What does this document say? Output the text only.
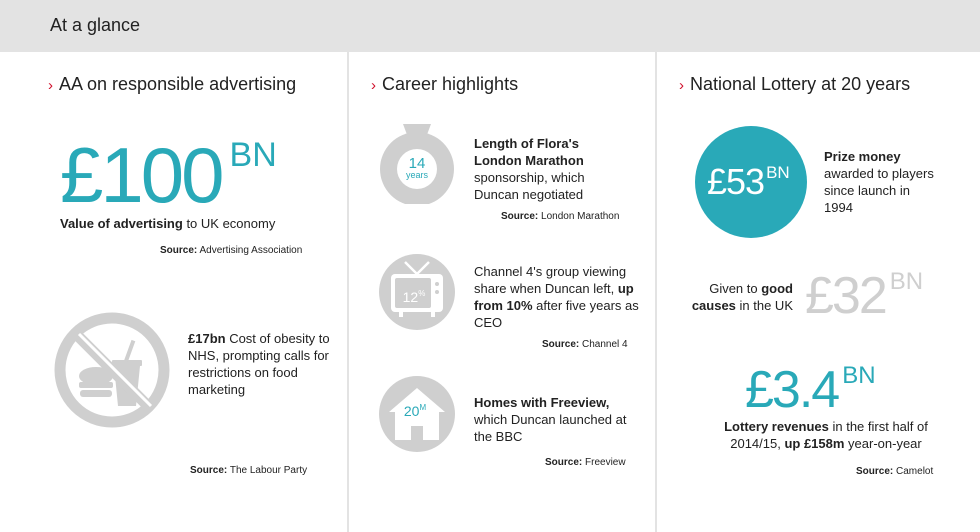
At a glance
› AA on responsible advertising
£100 $^{BN}$
Value of advertising to UK economy
Source: Advertising Association
£17bn Cost of obesity to NHS, prompting calls for restrictions on food marketing
Source: The Labour Party
› Career highlights
14
years
Length of Flora's London Marathon sponsorship, which Duncan negotiated
Source: London Marathon
12%
Channel 4's group viewing share when Duncan left, up from 10% after five years as CEO
Source: Channel 4
$20^M$	Homes with Freeview, which Duncan launched at the BBC
Source: Freeview
› National Lottery at 20 years
£53 $^{BN}$
Prize money awarded to players since launch in 1994
Given to good causes in the UK £32 $^{BN}$
£3.4 $^{BN}$
Lottery revenues in the first half of 2014/15, up £158m year-on-year
Source: Camelot
